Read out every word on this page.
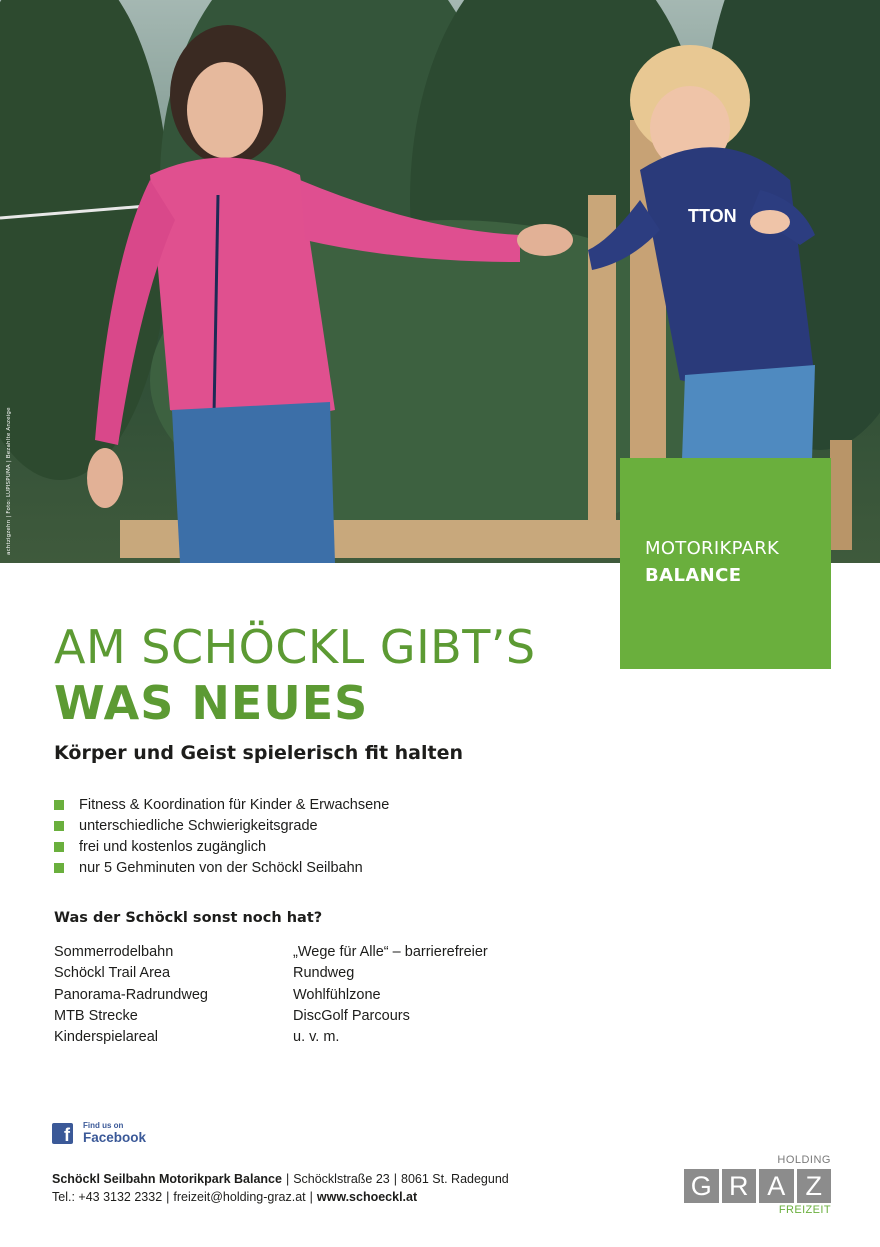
TTON
achtzigzehn | Foto: LUPISPUMA | Bezahlte Anzeige	MOTORIKPARK
BALANCE
AM SCHÖCKL GIBT’S
WAS NEUES
Körper und Geist spielerisch fit halten
Fitness & Koordination für Kinder & Erwachsene
unterschiedliche Schwierigkeitsgrade
frei und kostenlos zugänglich
nur 5 Gehminuten von der Schöckl Seilbahn
Was der Schöckl sonst noch hat?
Sommerrodelbahn
Schöckl Trail Area
Panorama-Radrundweg
MTB Strecke
Kinderspielareal
„Wege für Alle“ – barrierefreier
Rundweg
Wohlfühlzone
DiscGolf Parcours
u. v. m.
f Find us on
Facebook
Schöckl Seilbahn Motorikpark Balance | Schöcklstraße 23 | 8061 St. Radegund
Tel.: +43 3132 2332 | freizeit@holding-graz.at | www.schoeckl.at
HOLDING
G R A Z
FREIZEIT
